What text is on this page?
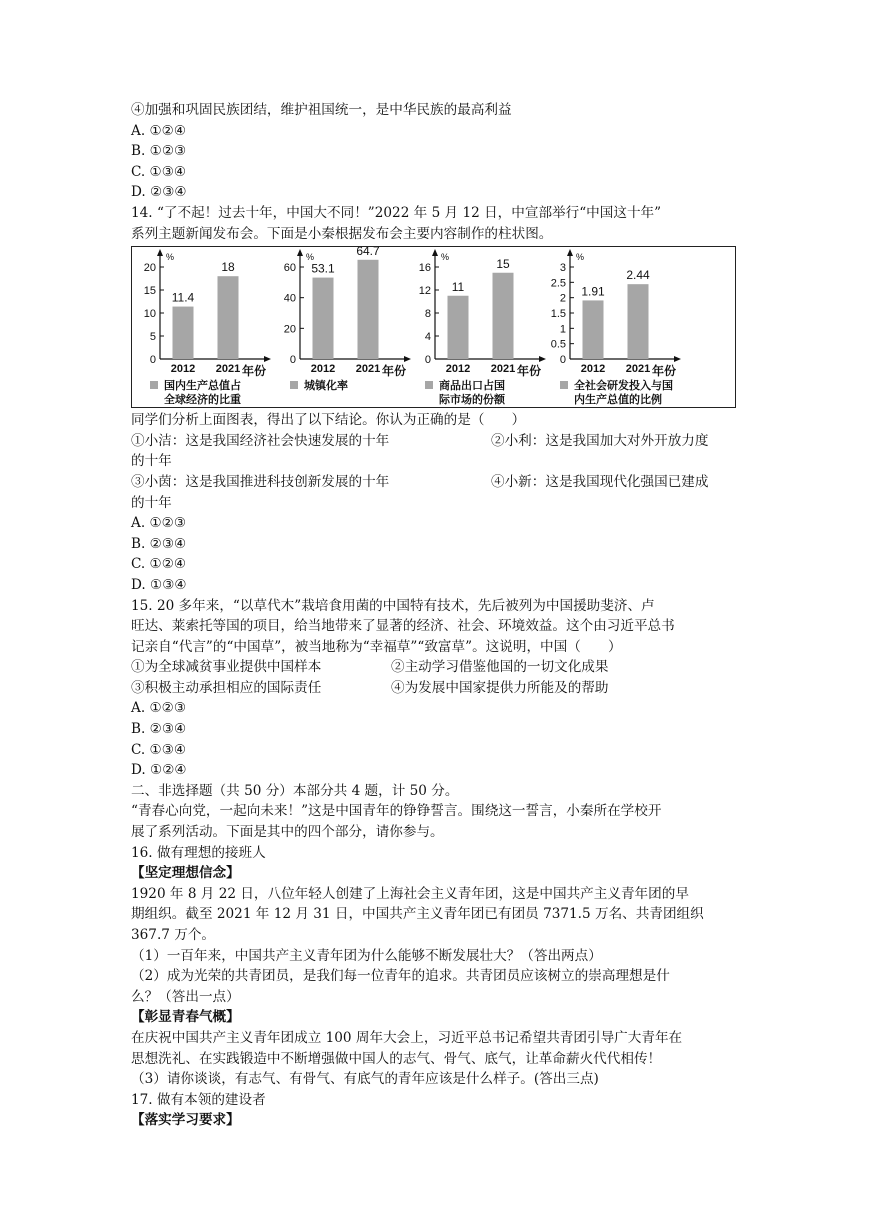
④加强和巩固民族团结，维护祖国统一，是中华民族的最高利益
A. ①②④
B. ①②③
C. ①③④
D. ②③④
14. “了不起！过去十年，中国大不同！”2022 年 5 月 12 日，中宣部举行“中国这十年”
系列主题新闻发布会。下面是小秦根据发布会主要内容制作的柱状图。
%
0
5
10
15
20
11.4
2012
18
2021 年份
国内生产总值占
全球经济的比重
%
0
20
40
60 53.1
2012
64.7
2021 年份
城镇化率
%
0
4
8
12
16
11
2012
15
2021 年份
商品出口占国
际市场的份额
%
0
0.5
1
1.5
2
2.5
3
1.91
2012
2.44
2021 年份
全社会研发投入与国
内生产总值的比例
同学们分析上面图表，得出了以下结论。你认为正确的是（　　）
①小洁：这是我国经济社会快速发展的十年	②小利：这是我国加大对外开放力度
的十年
③小茵：这是我国推进科技创新发展的十年	④小新：这是我国现代化强国已建成
的十年
A. ①②③
B. ②③④
C. ①②④
D. ①③④
15. 20 多年来，“以草代木”栽培食用菌的中国特有技术，先后被列为中国援助斐济、卢
旺达、莱索托等国的项目，给当地带来了显著的经济、社会、环境效益。这个由习近平总书
记亲自“代言”的“中国草”，被当地称为“幸福草”“致富草”。这说明，中国（　　）
①为全球减贫事业提供中国样本	②主动学习借鉴他国的一切文化成果
③积极主动承担相应的国际责任	④为发展中国家提供力所能及的帮助
A. ①②③
B. ②③④
C. ①③④
D. ①②④
二、非选择题（共 50 分）本部分共 4 题，计 50 分。
“青春心向党，一起向未来！”这是中国青年的铮铮誓言。围绕这一誓言，小秦所在学校开
展了系列活动。下面是其中的四个部分，请你参与。
16. 做有理想的接班人
【坚定理想信念】
1920 年 8 月 22 日，八位年轻人创建了上海社会主义青年团，这是中国共产主义青年团的早
期组织。截至 2021 年 12 月 31 日，中国共产主义青年团已有团员 7371.5 万名、共青团组织
367.7 万个。
（1）一百年来，中国共产主义青年团为什么能够不断发展壮大？（答出两点）
（2）成为光荣的共青团员，是我们每一位青年的追求。共青团员应该树立的崇高理想是什
么？（答出一点）
【彰显青春气概】
在庆祝中国共产主义青年团成立 100 周年大会上，习近平总书记希望共青团引导广大青年在
思想洗礼、在实践锻造中不断增强做中国人的志气、骨气、底气，让革命薪火代代相传！
（3）请你谈谈，有志气、有骨气、有底气的青年应该是什么样子。(答出三点)
17. 做有本领的建设者
【落实学习要求】
